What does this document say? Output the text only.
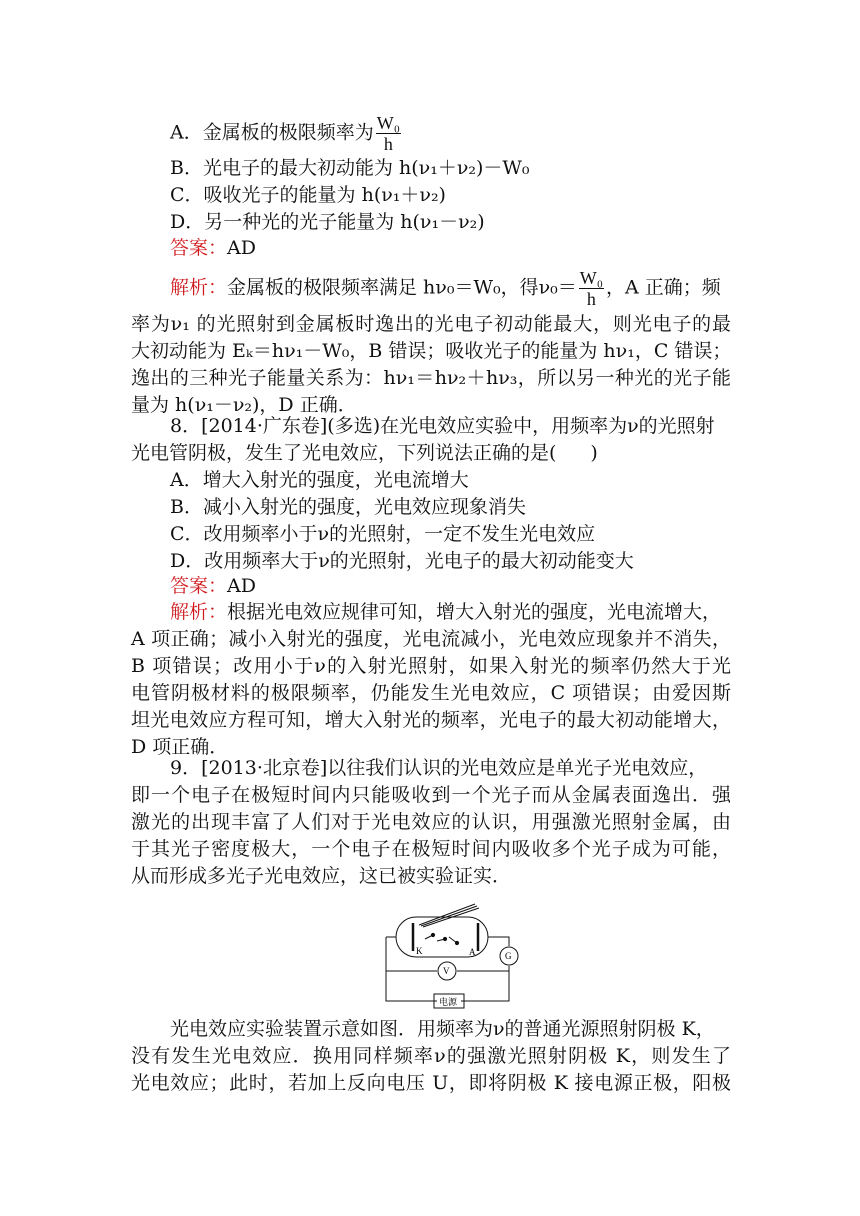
A．金属板的极限频率为 $\frac{\text{W₀}}{h}$
B．光电子的最大初动能为 h(ν₁＋ν₂)－W₀
C．吸收光子的能量为 h(ν₁＋ν₂)
D．另一种光的光子能量为 h(ν₁－ν₂)
答案：AD
解析：金属板的极限频率满足 hν₀＝W₀，得$\nu_0= \frac{\text{W₀}}{h}$ ，A 正确；频
率为ν₁ 的光照射到金属板时逸出的光电子初动能最大，则光电子的最
大初动能为 Eₖ＝hν₁－W₀，B 错误；吸收光子的能量为 hν₁，C 错误；
逸出的三种光子能量关系为：hν₁＝hν₂＋hν₃，所以另一种光的光子能
量为 h(ν₁－ν₂)，D 正确．
8．[2014·广东卷](多选)在光电效应实验中，用频率为ν的光照射
光电管阴极，发生了光电效应，下列说法正确的是( )
A．增大入射光的强度，光电流增大
B．减小入射光的强度，光电效应现象消失
C．改用频率小于ν的光照射，一定不发生光电效应
D．改用频率大于ν的光照射，光电子的最大初动能变大
答案：AD
解析：根据光电效应规律可知，增大入射光的强度，光电流增大，
A 项正确；减小入射光的强度，光电流减小，光电效应现象并不消失，
B 项错误；改用小于ν的入射光照射，如果入射光的频率仍然大于光
电管阴极材料的极限频率，仍能发生光电效应，C 项错误；由爱因斯
坦光电效应方程可知，增大入射光的频率，光电子的最大初动能增大，
D 项正确．
9．[2013·北京卷]以往我们认识的光电效应是单光子光电效应，
即一个电子在极短时间内只能吸收到一个光子而从金属表面逸出．强
激光的出现丰富了人们对于光电效应的认识，用强激光照射金属，由
于其光子密度极大，一个电子在极短时间内吸收多个光子成为可能，
从而形成多光子光电效应，这已被实验证实．
K	A	G
V
电源
光电效应实验装置示意如图．用频率为ν的普通光源照射阴极 K，
没有发生光电效应．换用同样频率ν的强激光照射阴极 K，则发生了
光电效应；此时，若加上反向电压 U，即将阴极 K 接电源正极，阳极
